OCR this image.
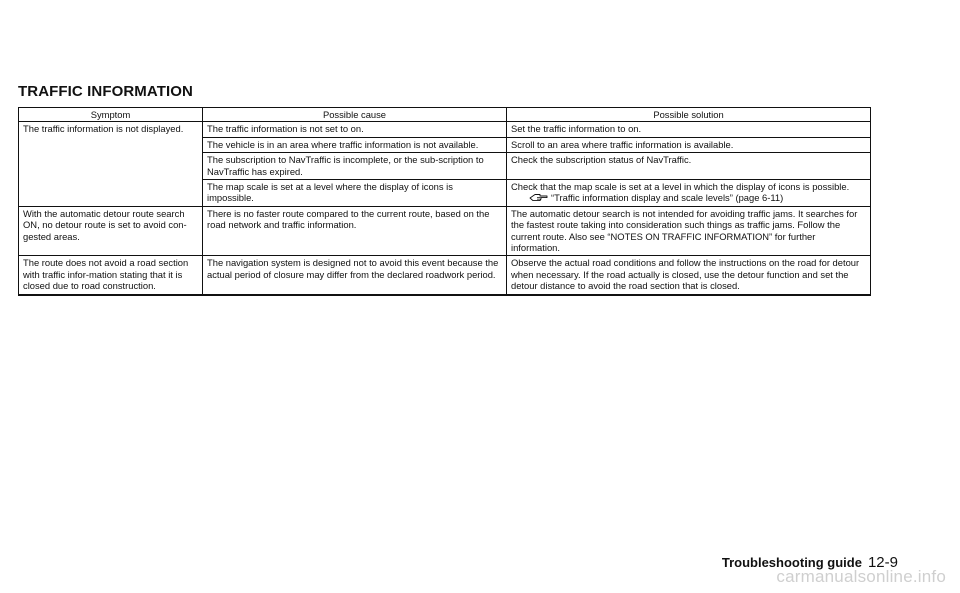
TRAFFIC INFORMATION
Symptom	Possible cause	Possible solution
The traffic information is not displayed.	The traffic information is not set to on.	Set the traffic information to on.
	The vehicle is in an area where traffic information is not available.	Scroll to an area where traffic information is available.
	The subscription to NavTraffic is incomplete, or the sub-scription to NavTraffic has expired.	Check the subscription status of NavTraffic.
	The map scale is set at a level where the display of icons is impossible.	Check that the map scale is set at a level in which the display of icons is possible.
“Traffic information display and scale levels” (page 6-11)

With the automatic detour route search ON, no detour route is set to avoid con-gested areas.	There is no faster route compared to the current route, based on the road network and traffic information.	The automatic detour search is not intended for avoiding traffic jams. It searches for the fastest route taking into consideration such things as traffic jams. Follow the current route. Also see “NOTES ON TRAFFIC INFORMATION” for further information.
The route does not avoid a road section with traffic infor-mation stating that it is closed due to road construction.	The navigation system is designed not to avoid this event because the actual period of closure may differ from the declared roadwork period.	Observe the actual road conditions and follow the instructions on the road for detour when necessary. If the road actually is closed, use the detour function and set the detour distance to avoid the road section that is closed.
Troubleshooting guide 12-9
carmanualsonline.info
